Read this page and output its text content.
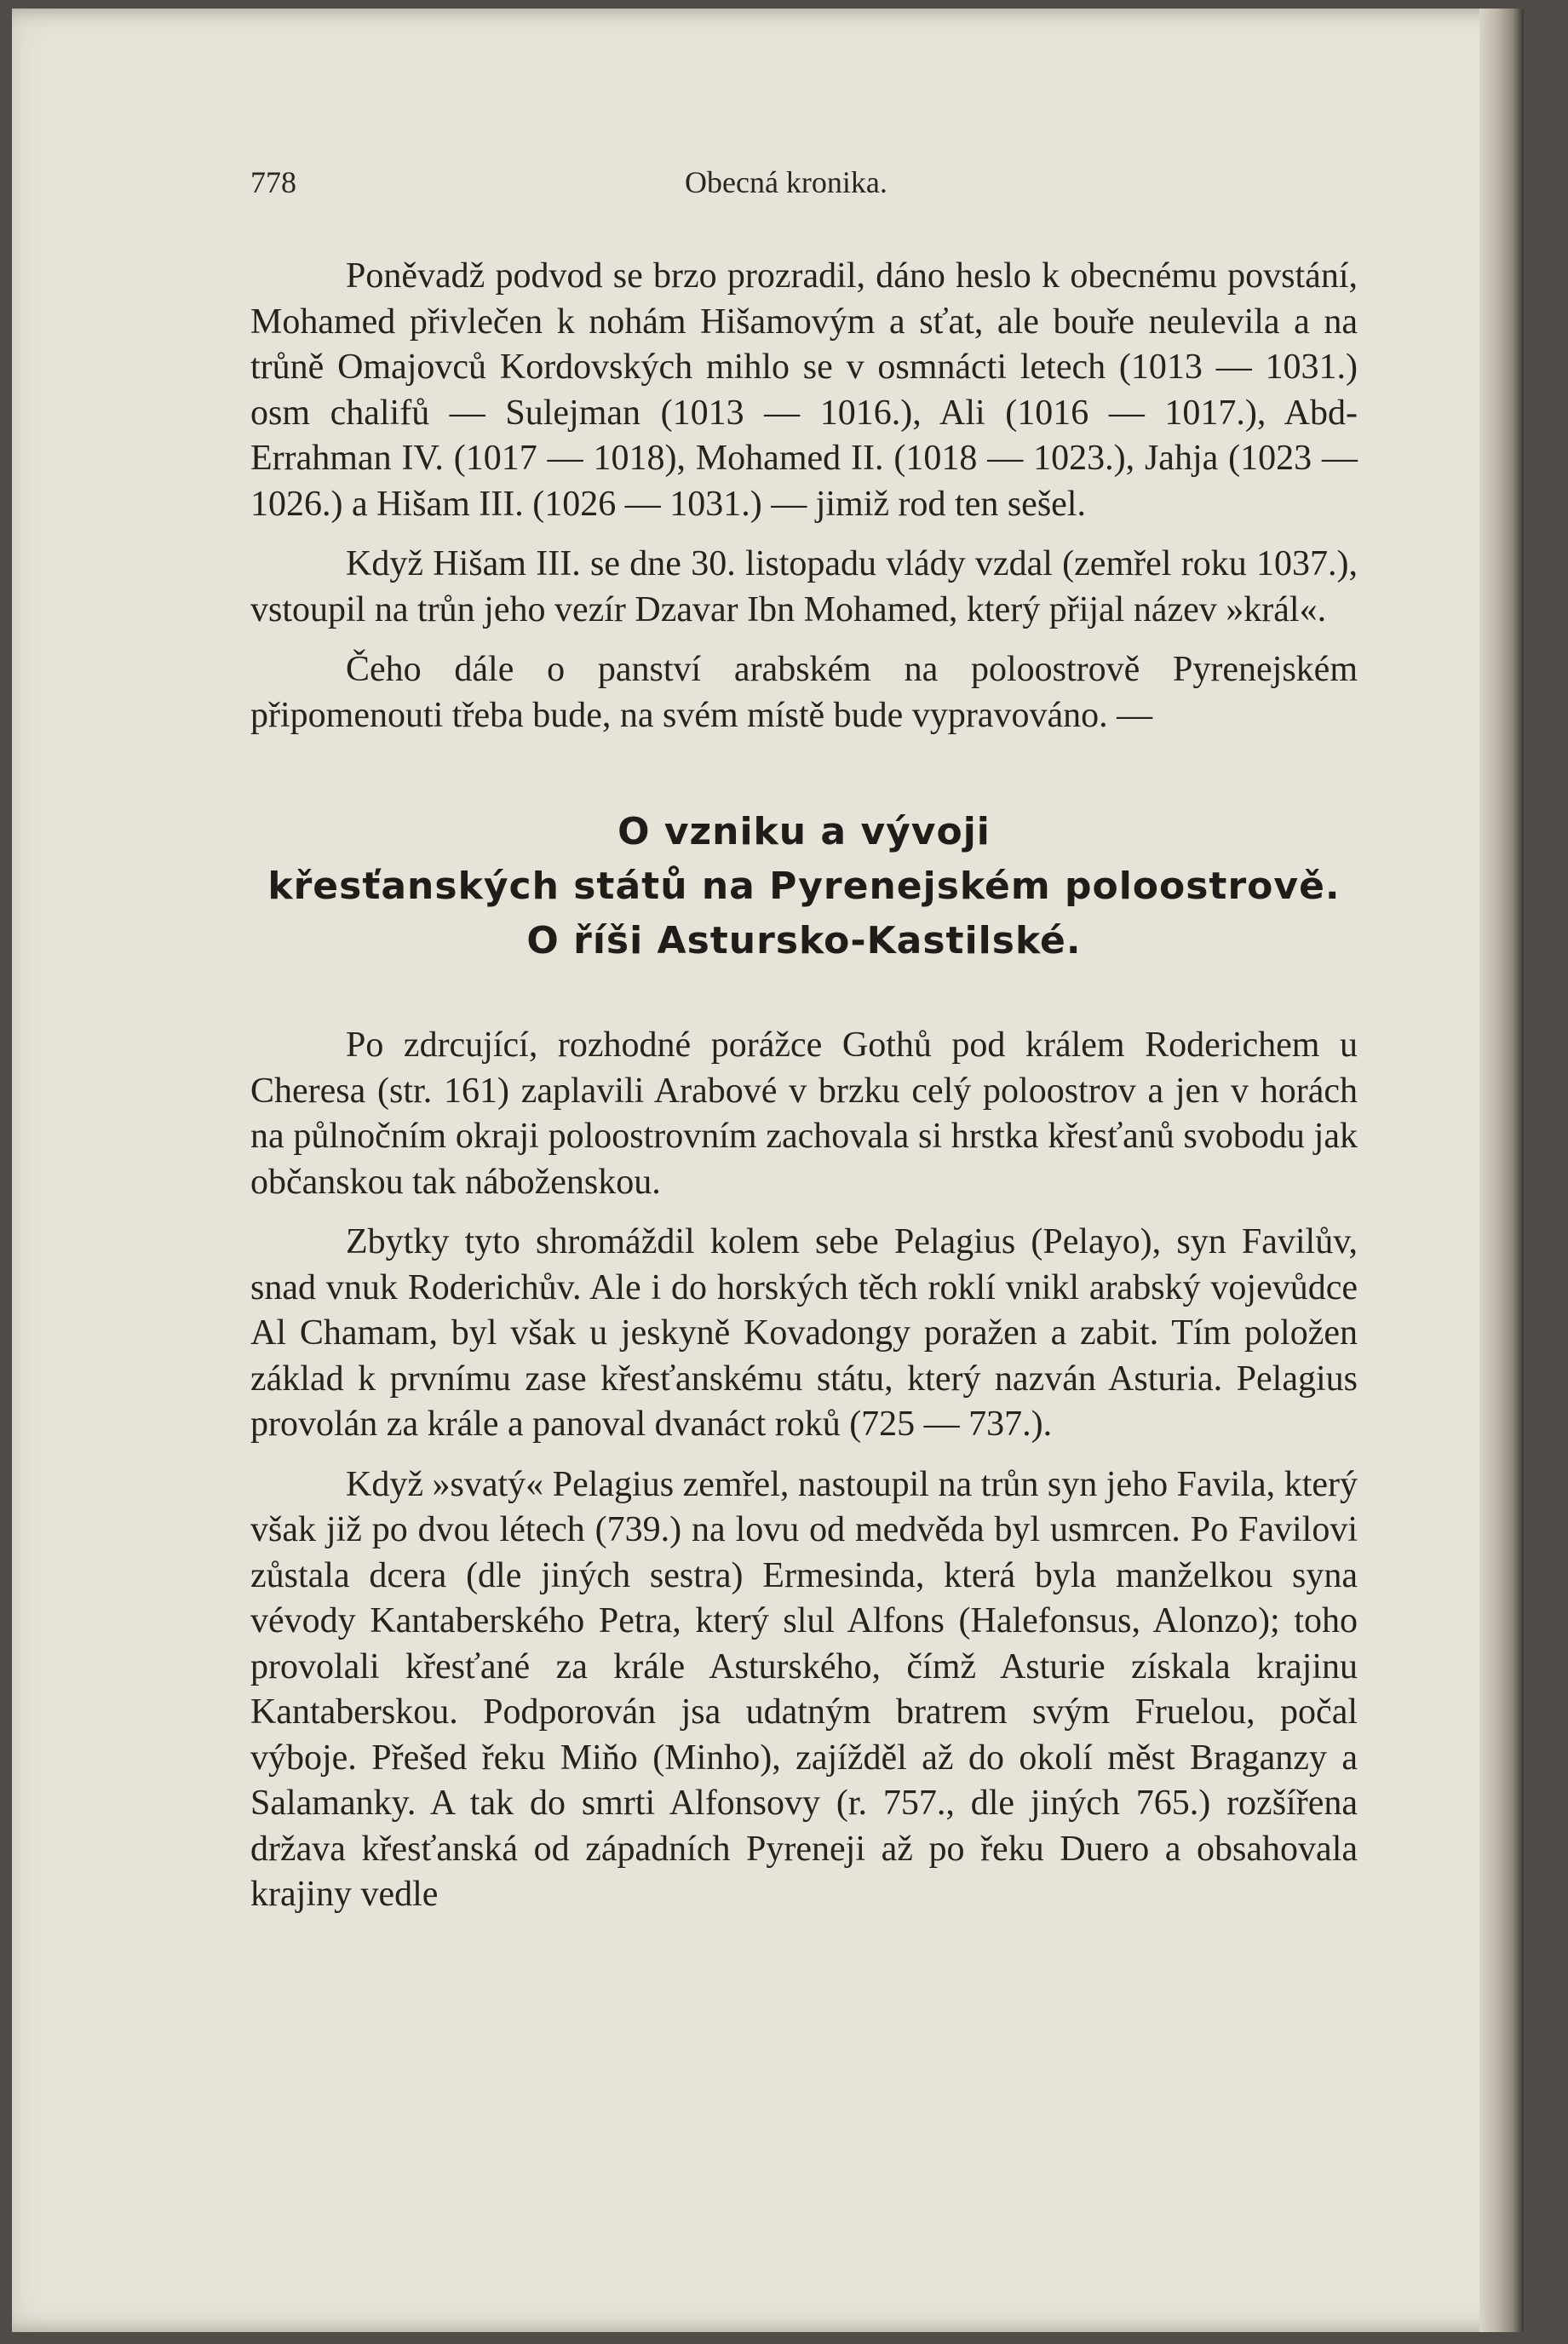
778	Obecná kronika.

Poněvadž podvod se brzo prozradil, dáno heslo k obecnému povstání, Mohamed přivlečen k nohám Hišamovým a sťat, ale bouře neulevila a na trůně Omajovců Kordovských mihlo se v osmnácti letech (1013 — 1031.) osm chalifů — Sulejman (1013 — 1016.), Ali (1016 — 1017.), Abd-Errahman IV. (1017 — 1018), Mohamed II. (1018 — 1023.), Jahja (1023 — 1026.) a Hišam III. (1026 — 1031.) — jimiž rod ten sešel.

Když Hišam III. se dne 30. listopadu vlády vzdal (zemřel roku 1037.), vstoupil na trůn jeho vezír Dzavar Ibn Mohamed, který přijal název »král«.

Čeho dále o panství arabském na poloostrově Pyrenejském připomenouti třeba bude, na svém místě bude vypravováno. —

O vzniku a vývoji
křesťanských států na Pyrenejském poloostrově.
O říši Astursko-Kastilské.

Po zdrcující, rozhodné porážce Gothů pod králem Roderichem u Cheresa (str. 161) zaplavili Arabové v brzku celý poloostrov a jen v horách na půlnočním okraji poloostrovním zachovala si hrstka křesťanů svobodu jak občanskou tak náboženskou.

Zbytky tyto shromáždil kolem sebe Pelagius (Pelayo), syn Favilův, snad vnuk Roderichův. Ale i do horských těch roklí vnikl arabský vojevůdce Al Chamam, byl však u jeskyně Kovadongy poražen a zabit. Tím položen základ k prvnímu zase křesťanskému státu, který nazván Asturia. Pelagius provolán za krále a panoval dvanáct roků (725 — 737.).

Když »svatý« Pelagius zemřel, nastoupil na trůn syn jeho Favila, který však již po dvou létech (739.) na lovu od medvěda byl usmrcen. Po Favilovi zůstala dcera (dle jiných sestra) Ermesinda, která byla manželkou syna vévody Kantaberského Petra, který slul Alfons (Halefonsus, Alonzo); toho provolali křesťané za krále Asturského, čímž Asturie získala krajinu Kantaberskou. Podporován jsa udatným bratrem svým Fruelou, počal výboje. Přešed řeku Miňo (Minho), zajížděl až do okolí měst Braganzy a Salamanky. A tak do smrti Alfonsovy (r. 757., dle jiných 765.) rozšířena država křesťanská od západních Pyreneji až po řeku Duero a obsahovala krajiny vedle
